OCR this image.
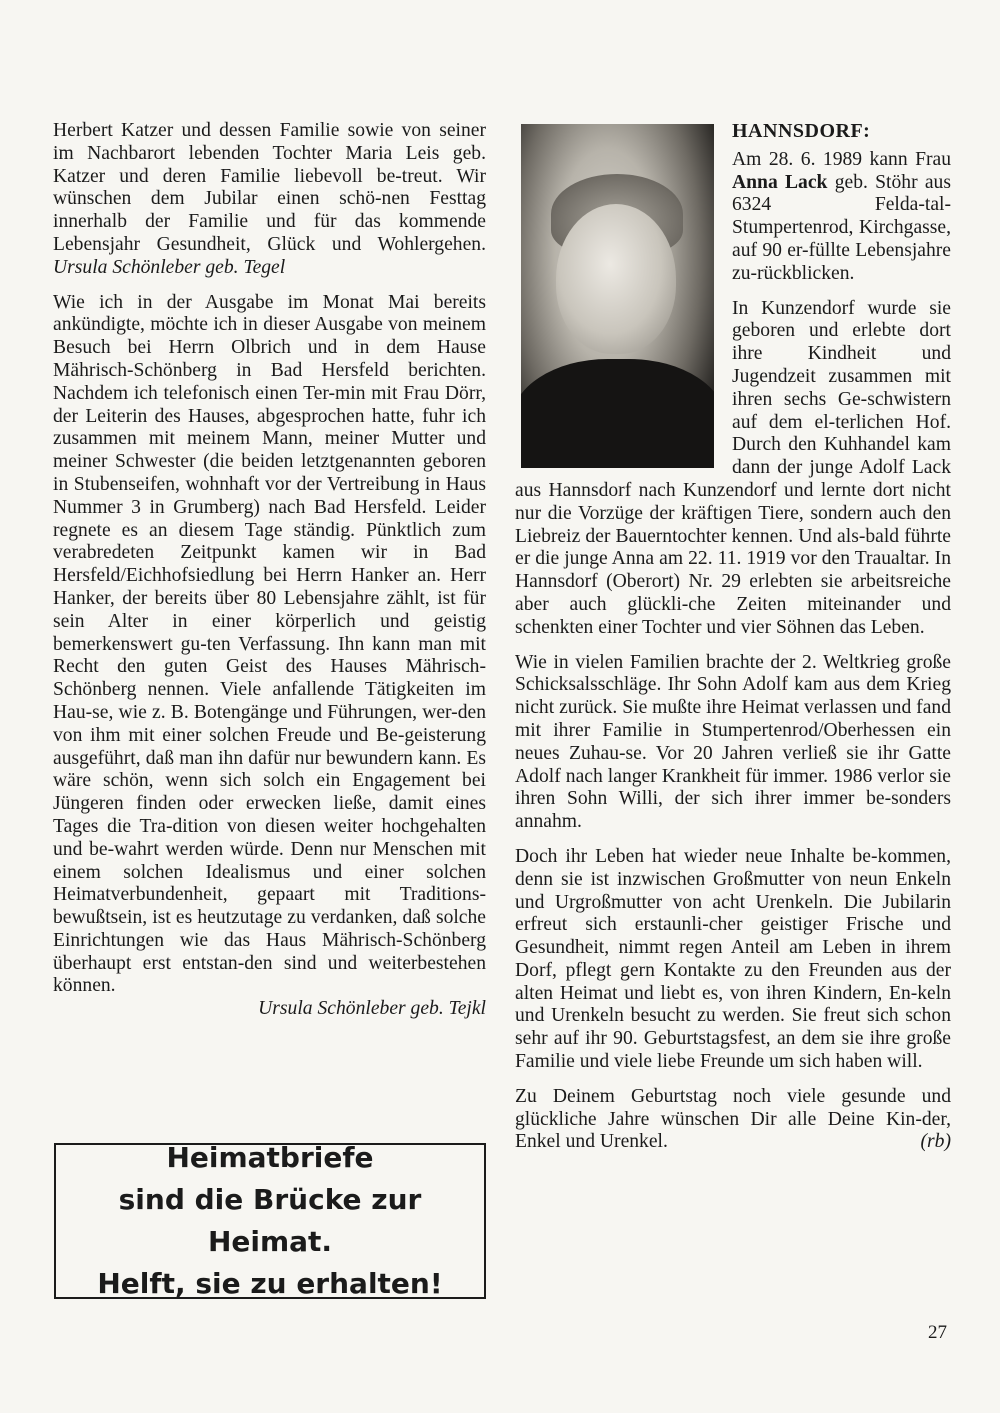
Herbert Katzer und dessen Familie sowie von seiner im Nachbarort lebenden Tochter Maria Leis geb. Katzer und deren Familie liebevoll be-treut. Wir wünschen dem Jubilar einen schö-nen Festtag innerhalb der Familie und für das kommende Lebensjahr Gesundheit, Glück und Wohlergehen. Ursula Schönleber geb. Tegel

Wie ich in der Ausgabe im Monat Mai bereits ankündigte, möchte ich in dieser Ausgabe von meinem Besuch bei Herrn Olbrich und in dem Hause Mährisch-Schönberg in Bad Hersfeld berichten. Nachdem ich telefonisch einen Ter-min mit Frau Dörr, der Leiterin des Hauses, abgesprochen hatte, fuhr ich zusammen mit meinem Mann, meiner Mutter und meiner Schwester (die beiden letztgenannten geboren in Stubenseifen, wohnhaft vor der Vertreibung in Haus Nummer 3 in Grumberg) nach Bad Hersfeld. Leider regnete es an diesem Tage ständig. Pünktlich zum verabredeten Zeitpunkt kamen wir in Bad Hersfeld/Eichhofsiedlung bei Herrn Hanker an. Herr Hanker, der bereits über 80 Lebensjahre zählt, ist für sein Alter in einer körperlich und geistig bemerkenswert gu-ten Verfassung. Ihn kann man mit Recht den guten Geist des Hauses Mährisch-Schönberg nennen. Viele anfallende Tätigkeiten im Hau-se, wie z. B. Botengänge und Führungen, wer-den von ihm mit einer solchen Freude und Be-geisterung ausgeführt, daß man ihn dafür nur bewundern kann. Es wäre schön, wenn sich solch ein Engagement bei Jüngeren finden oder erwecken ließe, damit eines Tages die Tra-dition von diesen weiter hochgehalten und be-wahrt werden würde. Denn nur Menschen mit einem solchen Idealismus und einer solchen Heimatverbundenheit, gepaart mit Traditions-bewußtsein, ist es heutzutage zu verdanken, daß solche Einrichtungen wie das Haus Mährisch-Schönberg überhaupt erst entstan-den sind und weiterbestehen können.

Ursula Schönleber geb. Tejkl

Heimatbriefe
sind die Brücke zur Heimat.
Helft, sie zu erhalten!
HANNSDORF:

Am 28. 6. 1989 kann Frau Anna Lack geb. Stöhr aus 6324 Felda-tal-Stumpertenrod, Kirchgasse, auf 90 er-füllte Lebensjahre zu-rückblicken.

In Kunzendorf wurde sie geboren und erlebte dort ihre Kindheit und Jugendzeit zusammen mit ihren sechs Ge-schwistern auf dem el-terlichen Hof. Durch den Kuhhandel kam dann der junge Adolf Lack aus Hannsdorf nach Kunzendorf und lernte dort nicht nur die Vorzüge der kräftigen Tiere, sondern auch den Liebreiz der Bauerntochter kennen. Und als-bald führte er die junge Anna am 22. 11. 1919 vor den Traualtar. In Hannsdorf (Oberort) Nr. 29 erlebten sie arbeitsreiche aber auch glückli-che Zeiten miteinander und schenkten einer Tochter und vier Söhnen das Leben.

Wie in vielen Familien brachte der 2. Weltkrieg große Schicksalsschläge. Ihr Sohn Adolf kam aus dem Krieg nicht zurück. Sie mußte ihre Heimat verlassen und fand mit ihrer Familie in Stumpertenrod/Oberhessen ein neues Zuhau-se. Vor 20 Jahren verließ sie ihr Gatte Adolf nach langer Krankheit für immer. 1986 verlor sie ihren Sohn Willi, der sich ihrer immer be-sonders annahm.

Doch ihr Leben hat wieder neue Inhalte be-kommen, denn sie ist inzwischen Großmutter von neun Enkeln und Urgroßmutter von acht Urenkeln. Die Jubilarin erfreut sich erstaunli-cher geistiger Frische und Gesundheit, nimmt regen Anteil am Leben in ihrem Dorf, pflegt gern Kontakte zu den Freunden aus der alten Heimat und liebt es, von ihren Kindern, En-keln und Urenkeln besucht zu werden. Sie freut sich schon sehr auf ihr 90. Geburtstagsfest, an dem sie ihre große Familie und viele liebe Freunde um sich haben will.

Zu Deinem Geburtstag noch viele gesunde und glückliche Jahre wünschen Dir alle Deine Kin-der, Enkel und Urenkel.	(rb)

27
